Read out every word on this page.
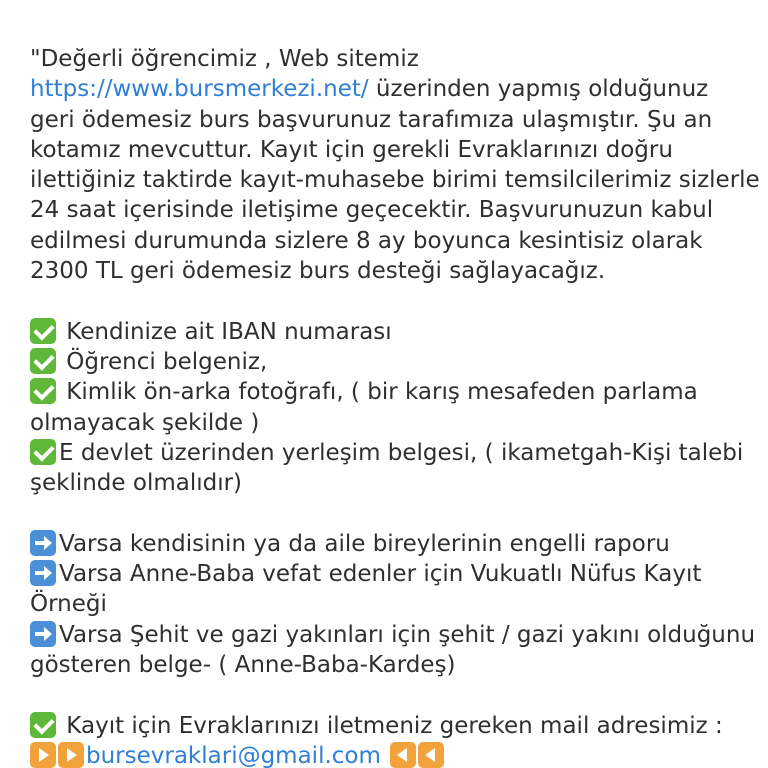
"Değerli öğrencimiz , Web sitemiz
https://www.bursmerkezi.net/ üzerinden yapmış olduğunuz
geri ödemesiz burs başvurunuz tarafımıza ulaşmıştır. Şu an
kotamız mevcuttur. Kayıt için gerekli Evraklarınızı doğru
ilettiğiniz taktirde kayıt-muhasebe birimi temsilcilerimiz sizlerle
24 saat içerisinde iletişime geçecektir. Başvurunuzun kabul
edilmesi durumunda sizlere 8 ay boyunca kesintisiz olarak
2300 TL geri ödemesiz burs desteği sağlayacağız.
Kendinize ait IBAN numarası
Öğrenci belgeniz,
Kimlik ön-arka fotoğrafı, ( bir karış mesafeden parlama
olmayacak şekilde )
E devlet üzerinden yerleşim belgesi, ( ikametgah-Kişi talebi
şeklinde olmalıdır)
Varsa kendisinin ya da aile bireylerinin engelli raporu
Varsa Anne-Baba vefat edenler için Vukuatlı Nüfus Kayıt
Örneği
Varsa Şehit ve gazi yakınları için şehit / gazi yakını olduğunu
gösteren belge- ( Anne-Baba-Kardeş)
Kayıt için Evraklarınızı iletmeniz gereken mail adresimiz :
bursevraklari@gmail.com
